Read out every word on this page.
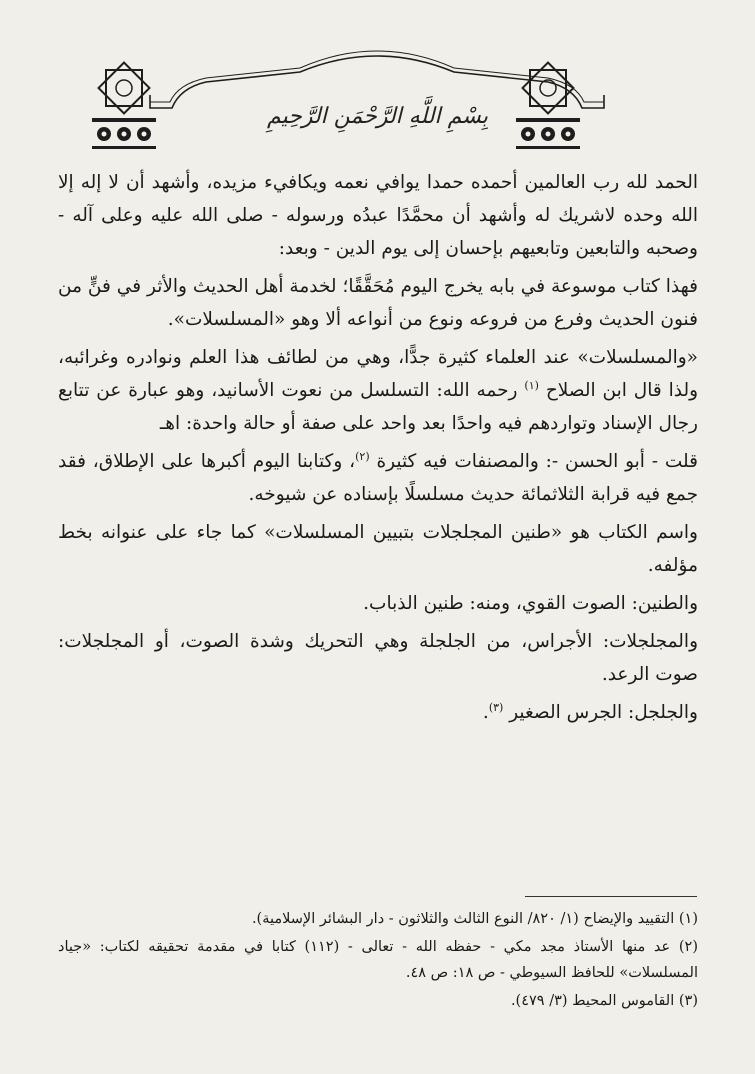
بِسْمِ اللَّهِ الرَّحْمَنِ الرَّحِيمِ

الحمد لله رب العالمين أحمده حمدا يوافي نعمه ويكافيء مزيده، وأشهد أن لا إله إلا الله وحده لاشريك له وأشهد أن محمَّدًا عبدُه ورسوله - صلى الله عليه وعلى آله - وصحبه والتابعين وتابعيهم بإحسان إلى يوم الدين - وبعد:

فهذا كتاب موسوعة في بابه يخرج اليوم مُحَقَّقًا؛ لخدمة أهل الحديث والأثر في فنٍّ من فنون الحديث وفرع من فروعه ونوع من أنواعه ألا وهو «المسلسلات».

«والمسلسلات» عند العلماء كثيرة جدًّا، وهي من لطائف هذا العلم ونوادره وغرائبه، ولذا قال ابن الصلاح $^{(١)}$ رحمه الله: التسلسل من نعوت الأسانيد، وهو عبارة عن تتابع رجال الإسناد وتواردهم فيه واحدًا بعد واحد على صفة أو حالة واحدة: اهـ

قلت - أبو الحسن -: والمصنفات فيه كثيرة $^{(٢)}$، وكتابنا اليوم أكبرها على الإطلاق، فقد جمع فيه قرابة الثلاثمائة حديث مسلسلًا بإسناده عن شيوخه.

واسم الكتاب هو «طنين المجلجلات بتبيين المسلسلات» كما جاء على عنوانه بخط مؤلفه.

والطنين: الصوت القوي، ومنه: طنين الذباب.

والمجلجلات: الأجراس، من الجلجلة وهي التحريك وشدة الصوت، أو المجلجلات: صوت الرعد.

والجلجل: الجرس الصغير $^{(٣)}$.

(١) التقييد والإيضاح (١/ ٨٢٠/ النوع الثالث والثلاثون - دار البشائر الإسلامية).

(٢) عد منها الأستاذ مجد مكي - حفظه الله - تعالى - (١١٢) كتابا في مقدمة تحقيقه لكتاب: «جياد المسلسلات» للحافظ السيوطي - ص ١٨: ص ٤٨.

(٣) القاموس المحيط (٣/ ٤٧٩).
